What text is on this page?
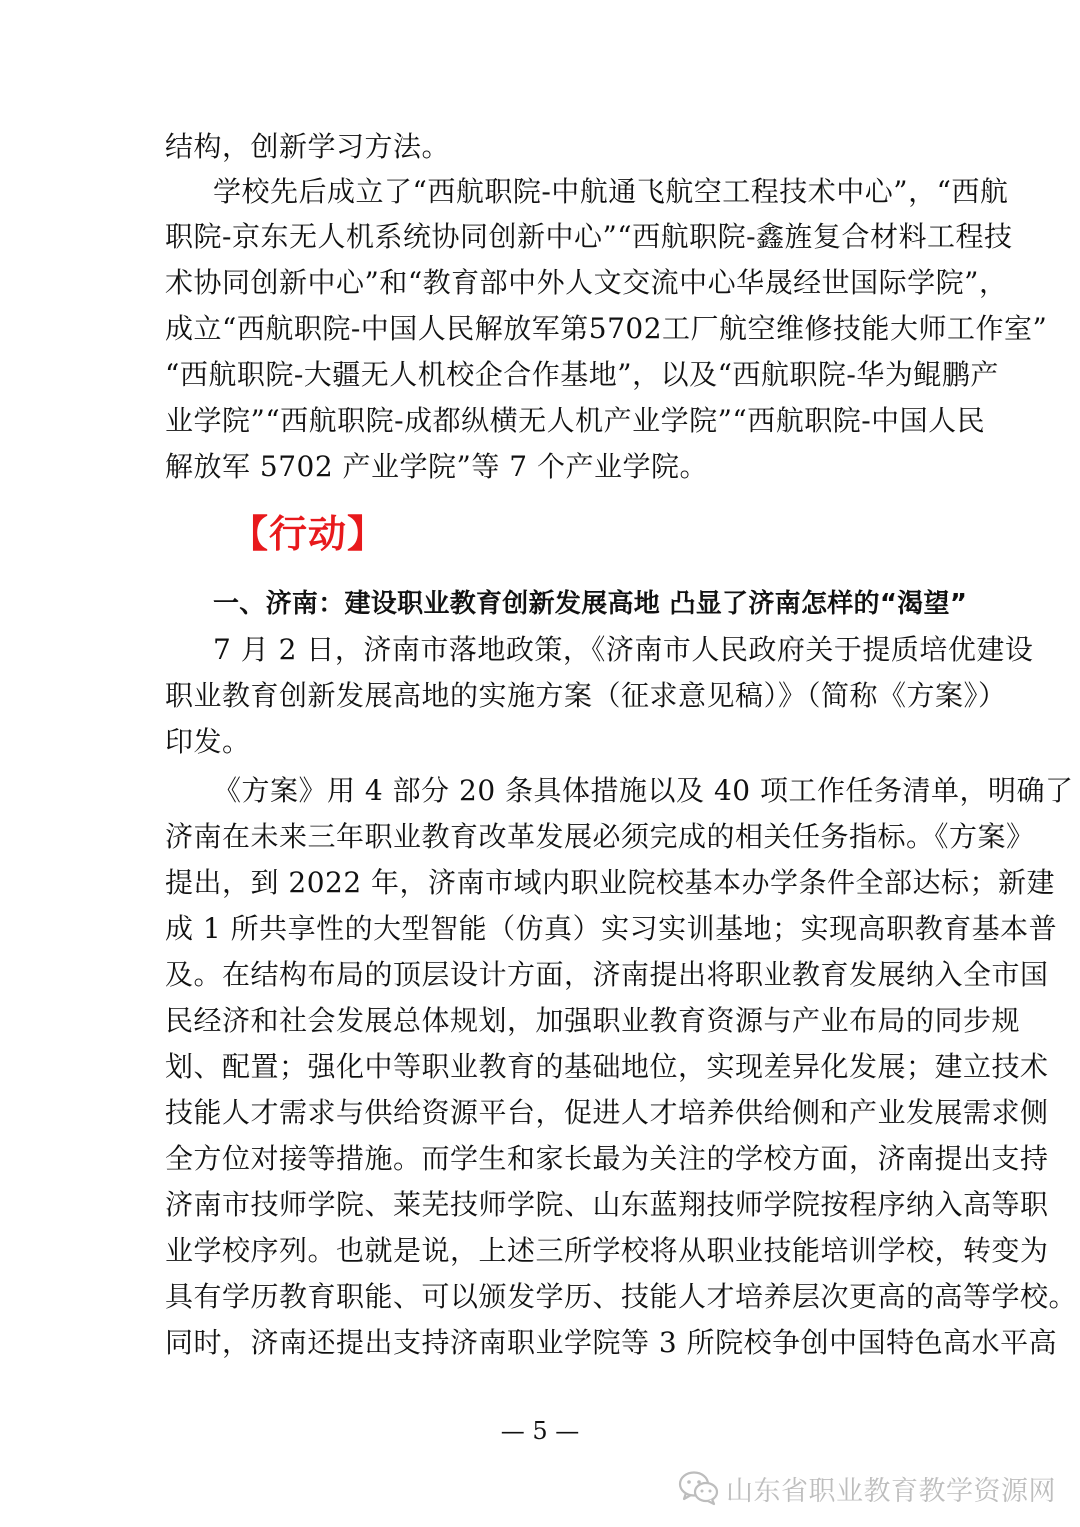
结构，创新学习方法。
学校先后成立了“西航职院-中航通飞航空工程技术中心”，“西航
职院-京东无人机系统协同创新中心”“西航职院-鑫旌复合材料工程技
术协同创新中心”和“教育部中外人文交流中心华晟经世国际学院”，
成立“西航职院-中国人民解放军第5702工厂航空维修技能大师工作室”
“西航职院-大疆无人机校企合作基地”，以及“西航职院-华为鲲鹏产
业学院”“西航职院-成都纵横无人机产业学院”“西航职院-中国人民
解放军 5702 产业学院”等 7 个产业学院。
【行动】
一、济南：建设职业教育创新发展高地 凸显了济南怎样的“渴望”
7 月 2 日，济南市落地政策，《济南市人民政府关于提质培优建设
职业教育创新发展高地的实施方案（征求意见稿）》（简称《方案》）
印发。
《方案》用 4 部分 20 条具体措施以及 40 项工作任务清单，明确了
济南在未来三年职业教育改革发展必须完成的相关任务指标。《方案》
提出，到 2022 年，济南市域内职业院校基本办学条件全部达标；新建
成 1 所共享性的大型智能（仿真）实习实训基地；实现高职教育基本普
及。在结构布局的顶层设计方面，济南提出将职业教育发展纳入全市国
民经济和社会发展总体规划，加强职业教育资源与产业布局的同步规
划、配置；强化中等职业教育的基础地位，实现差异化发展；建立技术
技能人才需求与供给资源平台，促进人才培养供给侧和产业发展需求侧
全方位对接等措施。而学生和家长最为关注的学校方面，济南提出支持
济南市技师学院、莱芜技师学院、山东蓝翔技师学院按程序纳入高等职
业学校序列。也就是说，上述三所学校将从职业技能培训学校，转变为
具有学历教育职能、可以颁发学历、技能人才培养层次更高的高等学校。
同时，济南还提出支持济南职业学院等 3 所院校争创中国特色高水平高
— 5 —
山东省职业教育教学资源网
